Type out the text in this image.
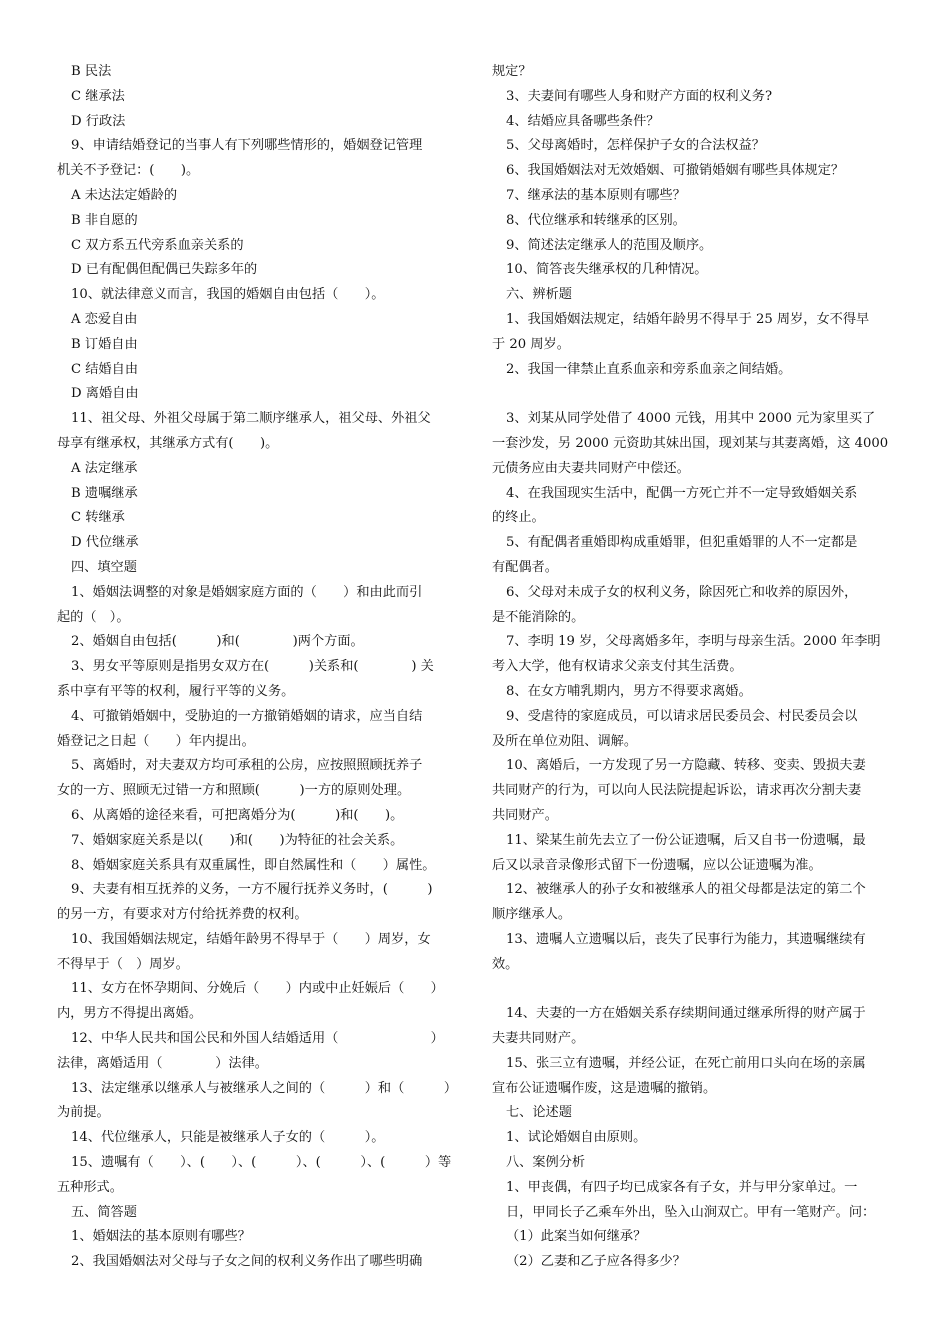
B 民法
C 继承法
D 行政法
9、申请结婚登记的当事人有下列哪些情形的，婚姻登记管理
机关不予登记：(　　)。
A 未达法定婚龄的
B 非自愿的
C 双方系五代旁系血亲关系的
D 已有配偶但配偶已失踪多年的
10、就法律意义而言，我国的婚姻自由包括（　　）。
A 恋爱自由
B 订婚自由
C 结婚自由
D 离婚自由
11、祖父母、外祖父母属于第二顺序继承人，祖父母、外祖父
母享有继承权，其继承方式有(　　)。
A 法定继承
B 遗嘱继承
C 转继承
D 代位继承
四、填空题
1、婚姻法调整的对象是婚姻家庭方面的（　　）和由此而引
起的（　）。
2、婚姻自由包括(　　　)和(　　　　)两个方面。
3、男女平等原则是指男女双方在(　　　)关系和(　　　　) 关
系中享有平等的权利，履行平等的义务。
4、可撤销婚姻中，受胁迫的一方撤销婚姻的请求，应当自结
婚登记之日起（　　）年内提出。
5、离婚时，对夫妻双方均可承租的公房，应按照照顾抚养子
女的一方、照顾无过错一方和照顾(　　　)一方的原则处理。
6、从离婚的途径来看，可把离婚分为(　　　)和(　　)。
7、婚姻家庭关系是以(　　)和(　　)为特征的社会关系。
8、婚姻家庭关系具有双重属性，即自然属性和（　　）属性。
9、夫妻有相互抚养的义务，一方不履行抚养义务时，(　　　)
的另一方，有要求对方付给抚养费的权利。
10、我国婚姻法规定，结婚年龄男不得早于（　　）周岁，女
不得早于（　）周岁。
11、女方在怀孕期间、分娩后（　　）内或中止妊娠后（　　）
内，男方不得提出离婚。
12、中华人民共和国公民和外国人结婚适用（　　　　　　　）
法律，离婚适用（　　　　）法律。
13、法定继承以继承人与被继承人之间的（　　　）和（　　　）
为前提。
14、代位继承人，只能是被继承人子女的（　　　）。
15、遗嘱有（　　）、(　　）、(　　　）、(　　　）、(　　　）等
五种形式。
五、简答题
1、婚姻法的基本原则有哪些？
2、我国婚姻法对父母与子女之间的权利义务作出了哪些明确
规定？
3、夫妻间有哪些人身和财产方面的权利义务?
4、结婚应具备哪些条件？
5、父母离婚时，怎样保护子女的合法权益？
6、我国婚姻法对无效婚姻、可撤销婚姻有哪些具体规定？
7、继承法的基本原则有哪些？
8、代位继承和转继承的区别。
9、简述法定继承人的范围及顺序。
10、简答丧失继承权的几种情况。
六、辨析题
1、我国婚姻法规定，结婚年龄男不得早于 25 周岁，女不得早
于 20 周岁。
2、我国一律禁止直系血亲和旁系血亲之间结婚。
3、刘某从同学处借了 4000 元钱，用其中 2000 元为家里买了
一套沙发，另 2000 元资助其妹出国，现刘某与其妻离婚，这 4000
元债务应由夫妻共同财产中偿还。
4、在我国现实生活中，配偶一方死亡并不一定导致婚姻关系
的终止。
5、有配偶者重婚即构成重婚罪，但犯重婚罪的人不一定都是
有配偶者。
6、父母对未成子女的权利义务，除因死亡和收养的原因外，
是不能消除的。
7、李明 19 岁，父母离婚多年，李明与母亲生活。2000 年李明
考入大学，他有权请求父亲支付其生活费。
8、在女方哺乳期内，男方不得要求离婚。
9、受虐待的家庭成员，可以请求居民委员会、村民委员会以
及所在单位劝阻、调解。
10、离婚后，一方发现了另一方隐藏、转移、变卖、毁损夫妻
共同财产的行为，可以向人民法院提起诉讼，请求再次分割夫妻
共同财产。
11、梁某生前先去立了一份公证遗嘱，后又自书一份遗嘱，最
后又以录音录像形式留下一份遗嘱，应以公证遗嘱为准。
12、被继承人的孙子女和被继承人的祖父母都是法定的第二个
顺序继承人。
13、遗嘱人立遗嘱以后，丧失了民事行为能力，其遗嘱继续有
效。
14、夫妻的一方在婚姻关系存续期间通过继承所得的财产属于
夫妻共同财产。
15、张三立有遗嘱，并经公证，在死亡前用口头向在场的亲属
宣布公证遗嘱作废，这是遗嘱的撤销。
七、论述题
1、试论婚姻自由原则。
八、案例分析
1、甲丧偶，有四子均已成家各有子女，并与甲分家单过。一
日，甲同长子乙乘车外出，坠入山涧双亡。甲有一笔财产。问：
（1）此案当如何继承？
（2）乙妻和乙子应各得多少？
